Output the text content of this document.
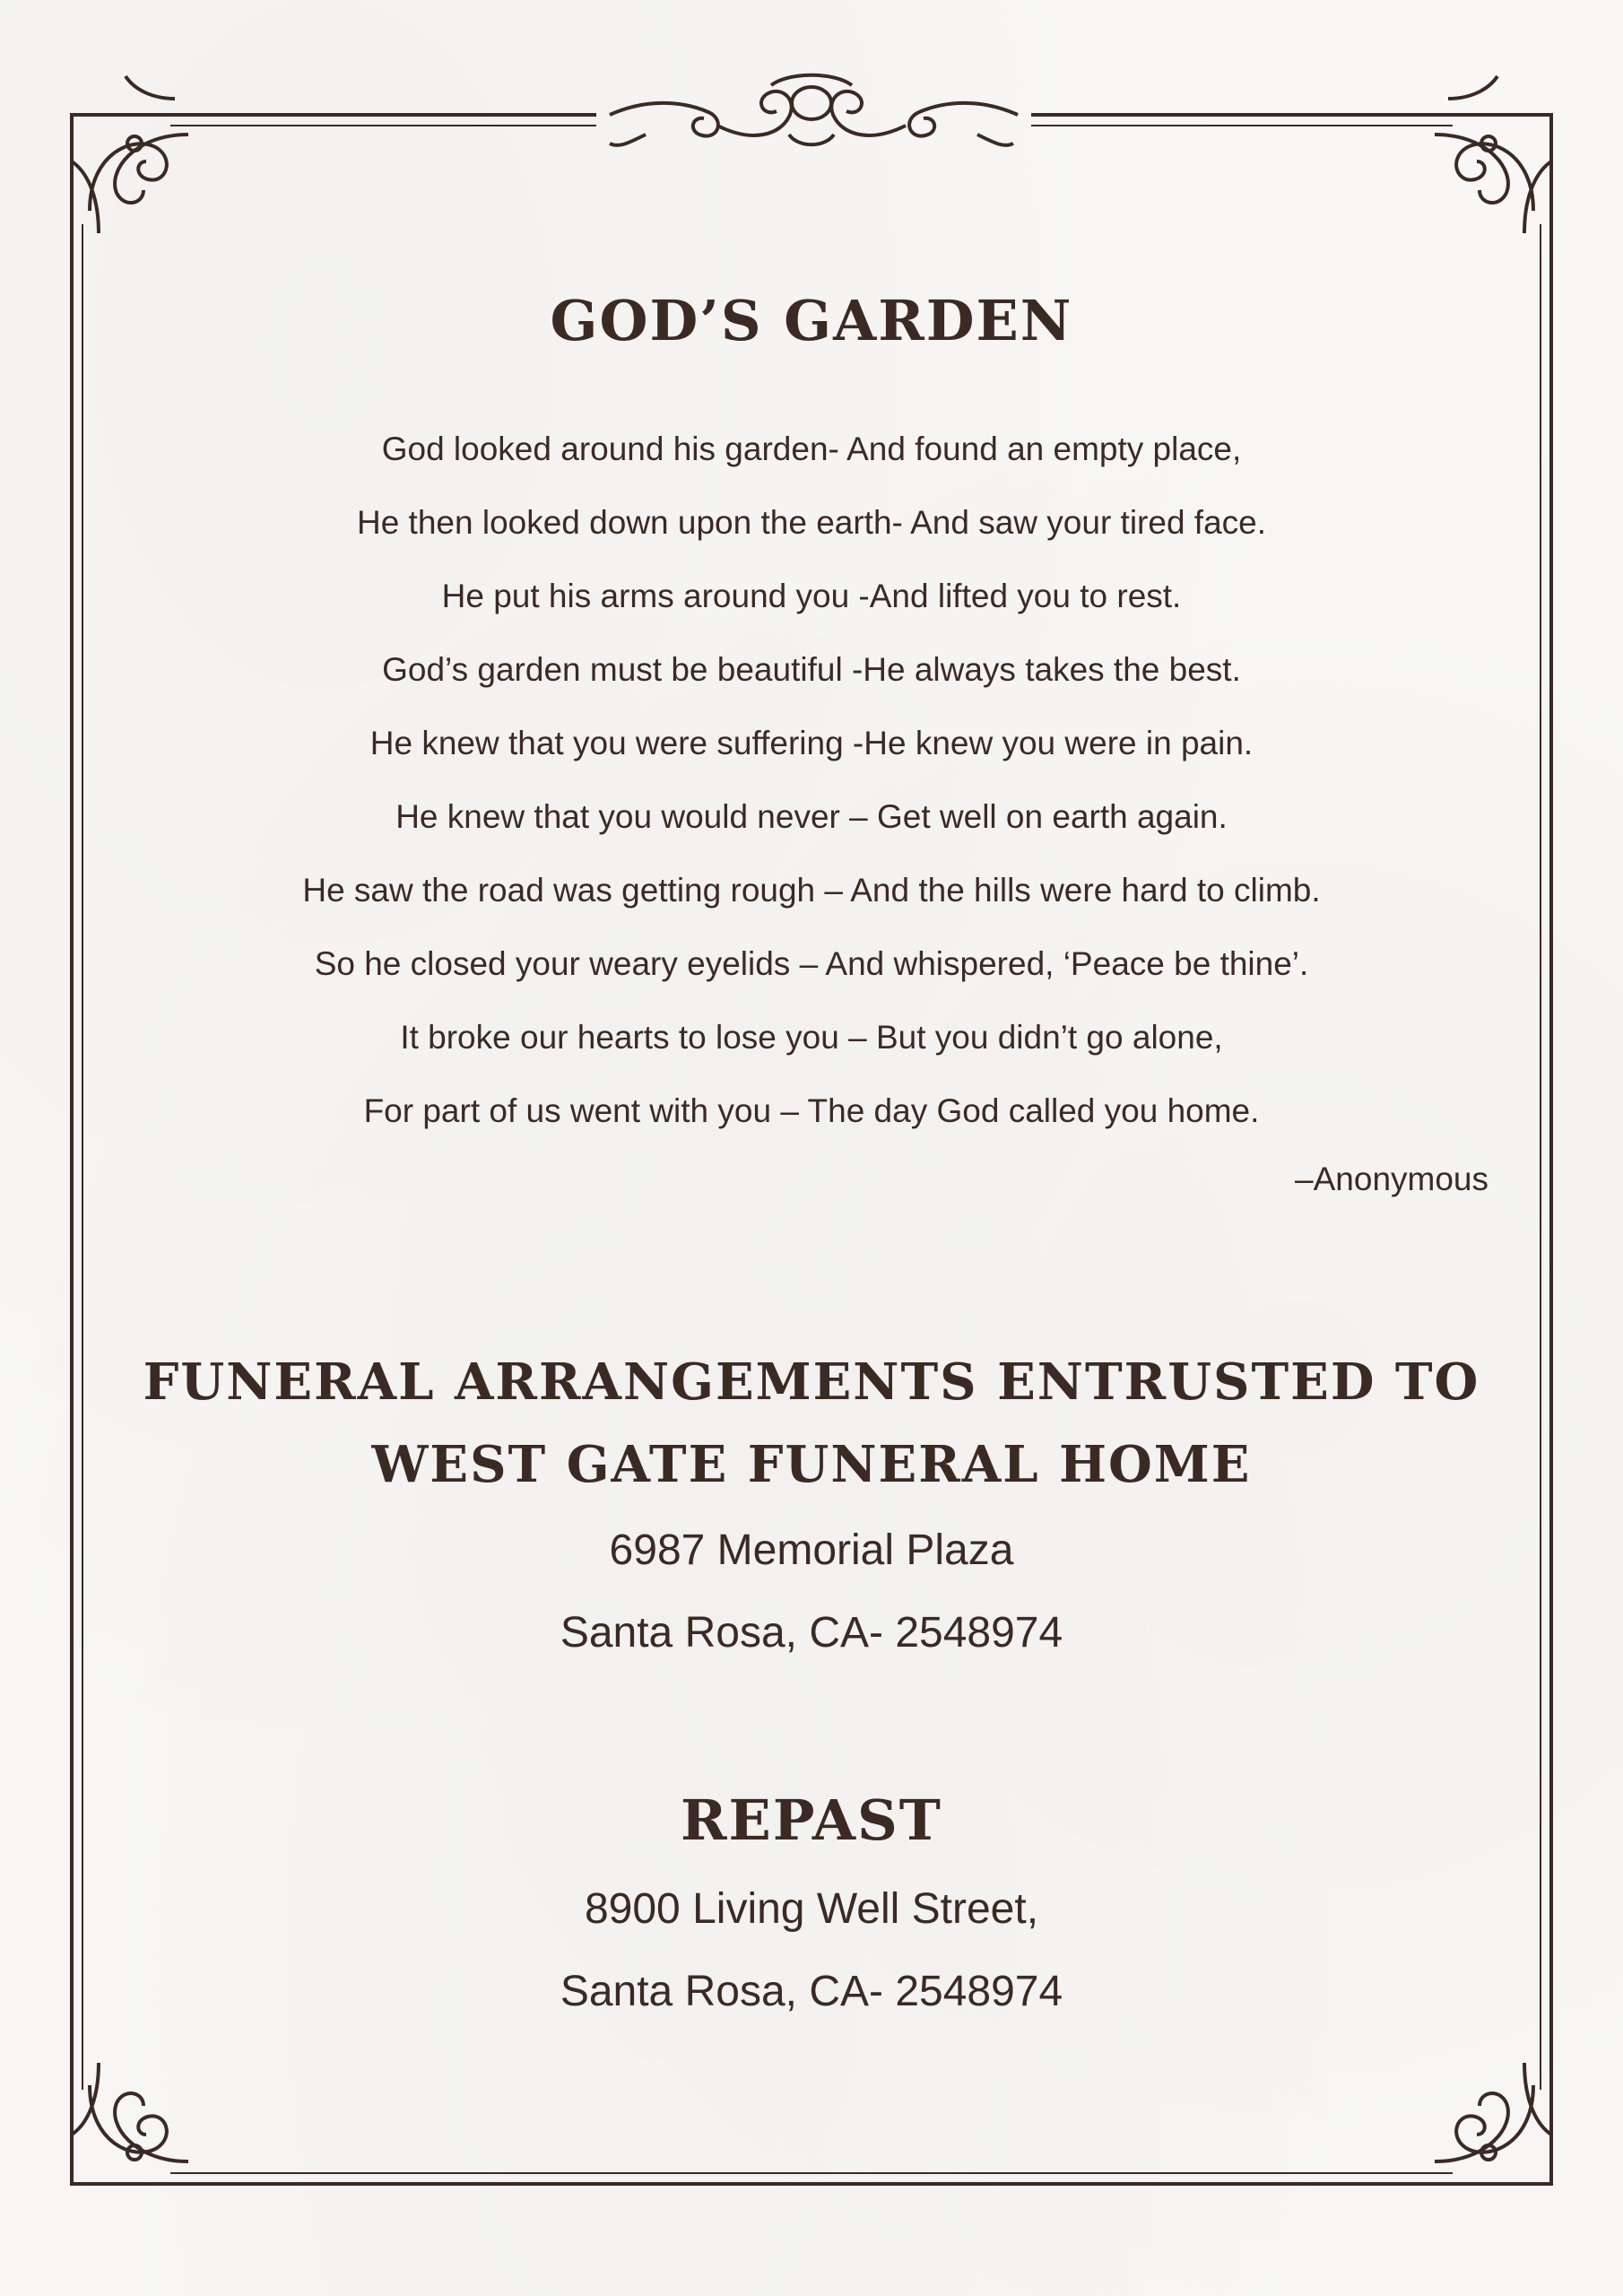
GOD’S GARDEN
God looked around his garden- And found an empty place,
He then looked down upon the earth- And saw your tired face.
He put his arms around you -And lifted you to rest.
God’s garden must be beautiful -He always takes the best.
He knew that you were suffering -He knew you were in pain.
He knew that you would never – Get well on earth again.
He saw the road was getting rough – And the hills were hard to climb.
So he closed your weary eyelids – And whispered, ‘Peace be thine’.
It broke our hearts to lose you – But you didn’t go alone,
For part of us went with you – The day God called you home.
–Anonymous
FUNERAL ARRANGEMENTS ENTRUSTED TO
WEST GATE FUNERAL HOME
6987 Memorial Plaza
Santa Rosa, CA- 2548974
REPAST
8900 Living Well Street,
Santa Rosa, CA- 2548974
